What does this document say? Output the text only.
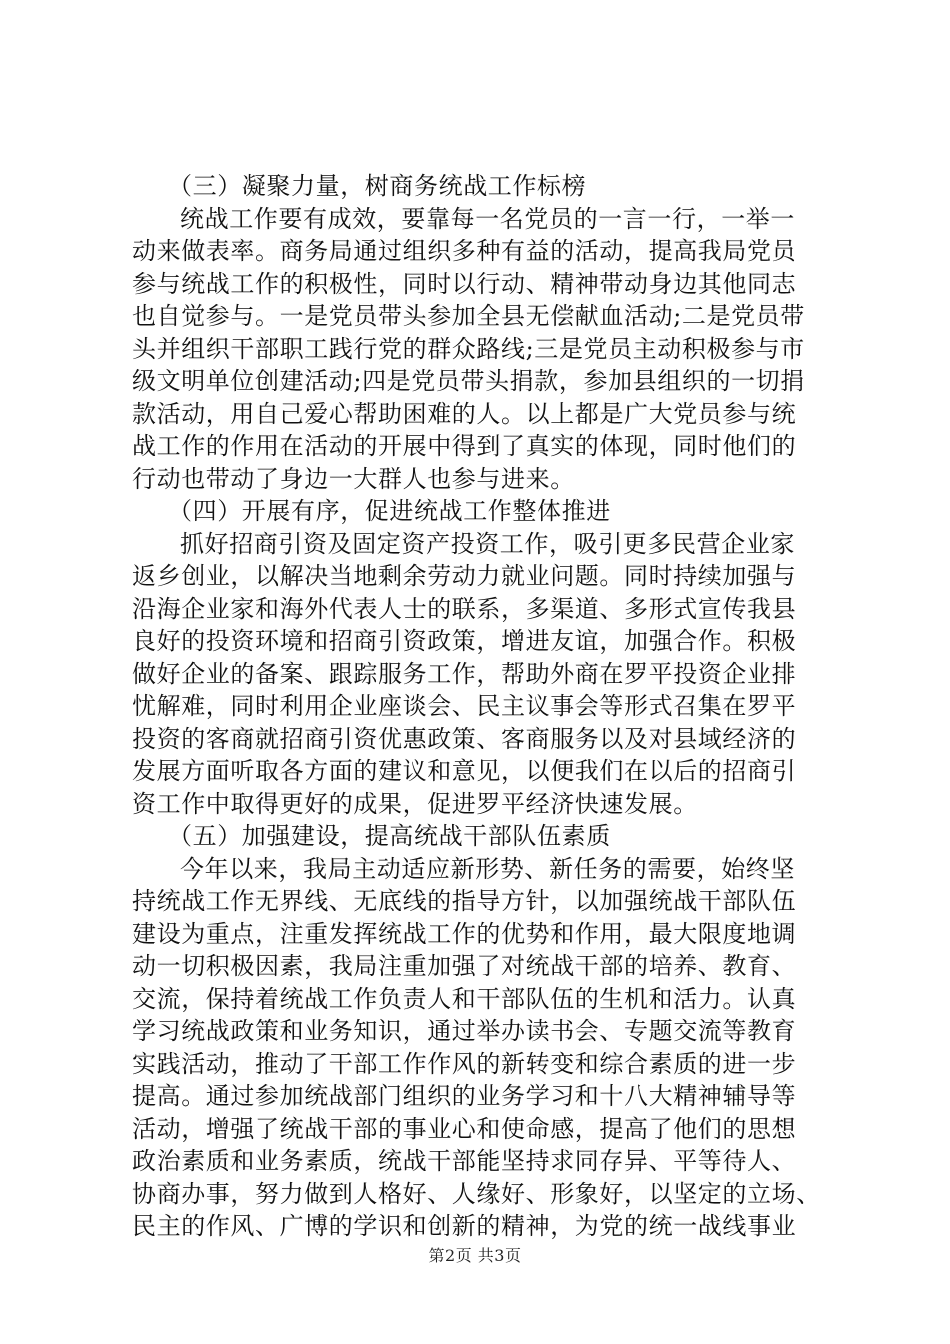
（三）凝聚力量，树商务统战工作标榜
统战工作要有成效，要靠每一名党员的一言一行，一举一
动来做表率。商务局通过组织多种有益的活动，提高我局党员
参与统战工作的积极性，同时以行动、精神带动身边其他同志
也自觉参与。一是党员带头参加全县无偿献血活动;二是党员带
头并组织干部职工践行党的群众路线;三是党员主动积极参与市
级文明单位创建活动;四是党员带头捐款，参加县组织的一切捐
款活动，用自己爱心帮助困难的人。以上都是广大党员参与统
战工作的作用在活动的开展中得到了真实的体现，同时他们的
行动也带动了身边一大群人也参与进来。
（四）开展有序，促进统战工作整体推进
抓好招商引资及固定资产投资工作，吸引更多民营企业家
返乡创业，以解决当地剩余劳动力就业问题。同时持续加强与
沿海企业家和海外代表人士的联系，多渠道、多形式宣传我县
良好的投资环境和招商引资政策，增进友谊，加强合作。积极
做好企业的备案、跟踪服务工作，帮助外商在罗平投资企业排
忧解难，同时利用企业座谈会、民主议事会等形式召集在罗平
投资的客商就招商引资优惠政策、客商服务以及对县域经济的
发展方面听取各方面的建议和意见，以便我们在以后的招商引
资工作中取得更好的成果，促进罗平经济快速发展。
（五）加强建设，提高统战干部队伍素质
今年以来，我局主动适应新形势、新任务的需要，始终坚
持统战工作无界线、无底线的指导方针，以加强统战干部队伍
建设为重点，注重发挥统战工作的优势和作用，最大限度地调
动一切积极因素，我局注重加强了对统战干部的培养、教育、
交流，保持着统战工作负责人和干部队伍的生机和活力。认真
学习统战政策和业务知识，通过举办读书会、专题交流等教育
实践活动，推动了干部工作作风的新转变和综合素质的进一步
提高。通过参加统战部门组织的业务学习和十八大精神辅导等
活动，增强了统战干部的事业心和使命感，提高了他们的思想
政治素质和业务素质，统战干部能坚持求同存异、平等待人、
协商办事，努力做到人格好、人缘好、形象好，以坚定的立场、
民主的作风、广博的学识和创新的精神，为党的统一战线事业
第2页 共3页
